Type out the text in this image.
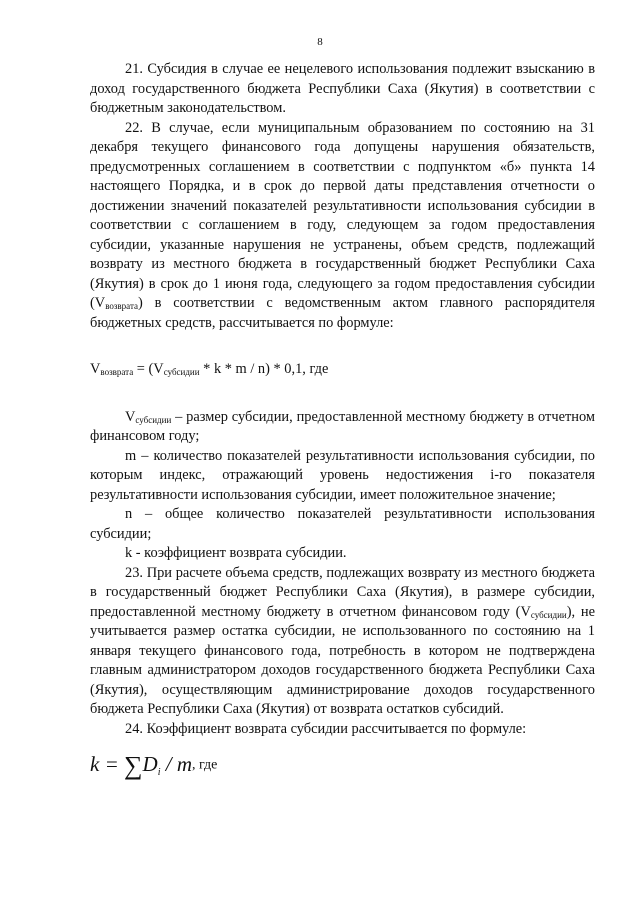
8

21. Субсидия в случае ее нецелевого использования подлежит взысканию в доход государственного бюджета Республики Саха (Якутия) в соответствии с бюджетным законодательством.

22. В случае, если муниципальным образованием по состоянию на 31 декабря текущего финансового года допущены нарушения обязательств, предусмотренных соглашением в соответствии с подпунктом «б» пункта 14 настоящего Порядка, и в срок до первой даты представления отчетности о достижении значений показателей результативности использования субсидии в соответствии с соглашением в году, следующем за годом предоставления субсидии, указанные нарушения не устранены, объем средств, подлежащий возврату из местного бюджета в государственный бюджет Республики Саха (Якутия) в срок до 1 июня года, следующего за годом предоставления субсидии $(V_{возврата})$ в соответствии с ведомственным актом главного распорядителя бюджетных средств, рассчитывается по формуле:

$V_{возврата} = (V_{субсидии} * k * m / n) * 0,1$, где

$V_{субсидии}$ – размер субсидии, предоставленной местному бюджету в отчетном финансовом году;

m – количество показателей результативности использования субсидии, по которым индекс, отражающий уровень недостижения i-го показателя результативности использования субсидии, имеет положительное значение;

n – общее количество показателей результативности использования субсидии;

k - коэффициент возврата субсидии.

23. При расчете объема средств, подлежащих возврату из местного бюджета в государственный бюджет Республики Саха (Якутия), в размере субсидии, предоставленной местному бюджету в отчетном финансовом году $(V_{субсидии})$, не учитывается размер остатка субсидии, не использованного по состоянию на 1 января текущего финансового года, потребность в котором не подтверждена главным администратором доходов государственного бюджета Республики Саха (Якутия), осуществляющим администрирование доходов государственного бюджета Республики Саха (Якутия) от возврата остатков субсидий.

24. Коэффициент возврата субсидии рассчитывается по формуле:

$k = \sum D_i / m$, где
